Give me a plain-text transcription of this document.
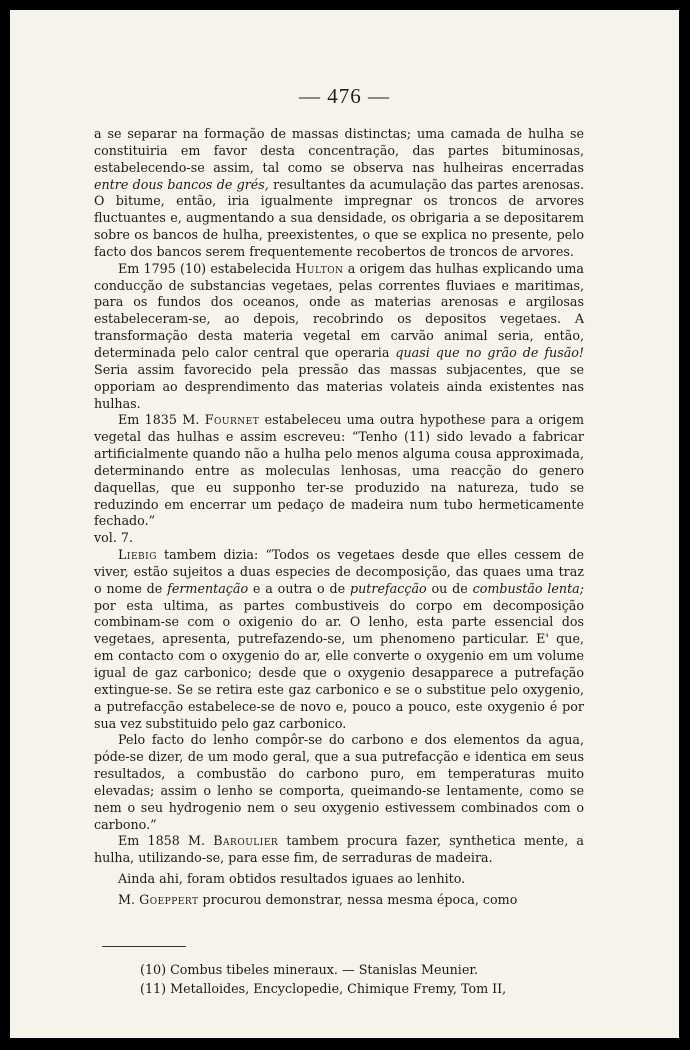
— 476 —

a se separar na formação de massas distinctas; uma camada de hulha se constituiria em favor desta concentração, das partes bituminosas, estabelecendo-se assim, tal como se observa nas hulheiras encerradas entre dous bancos de grés, resultantes da acumulação das partes arenosas. O bitume, então, iria igualmente impregnar os troncos de arvores fluctuantes e, augmentando a sua densidade, os obrigaria a se depositarem sobre os bancos de hulha, preexistentes, o que se explica no presente, pelo facto dos bancos serem frequentemente recobertos de troncos de arvores.

Em 1795 (10) estabelecida Hulton a origem das hulhas explicando uma conducção de substancias vegetaes, pelas correntes fluviaes e maritimas, para os fundos dos oceanos, onde as materias arenosas e argilosas estabeleceram-se, ao depois, recobrindo os depositos vegetaes. A transformação desta materia vegetal em carvão animal seria, então, determinada pelo calor central que operaria quasi que no grão de fusão! Seria assim favorecido pela pressão das massas subjacentes, que se opporiam ao desprendimento das materias volateis ainda existentes nas hulhas.

Em 1835 M. Fournet estabeleceu uma outra hypothese para a origem vegetal das hulhas e assim escreveu: “Tenho (11) sido levado a fabricar artificialmente quando não a hulha pelo menos alguma cousa approximada, determinando entre as moleculas lenhosas, uma reacção do genero daquellas, que eu supponho ter-se produzido na natureza, tudo se reduzindo em encerrar um pedaço de madeira num tubo hermeticamente fechado.”

vol. 7.

Liebig tambem dizia: “Todos os vegetaes desde que elles cessem de viver, estão sujeitos a duas especies de decomposição, das quaes uma traz o nome de fermentação e a outra o de putrefacção ou de combustão lenta; por esta ultima, as partes combustiveis do corpo em decomposição combinam-se com o oxigenio do ar. O lenho, esta parte essencial dos vegetaes, apresenta, putrefazendo-se, um phenomeno particular. E' que, em contacto com o oxygenio do ar, elle converte o oxygenio em um volume igual de gaz carbonico; desde que o oxygenio desapparece a putrefação extingue-se. Se se retira este gaz carbonico e se o substitue pelo oxygenio, a putrefacção estabelece-se de novo e, pouco a pouco, este oxygenio é por sua vez substituido pelo gaz carbonico.

Pelo facto do lenho compôr-se do carbono e dos elementos da agua, póde-se dizer, de um modo geral, que a sua putrefacção e identica em seus resultados, a combustão do carbono puro, em temperaturas muito elevadas; assim o lenho se comporta, queimando-se lentamente, como se nem o seu hydrogenio nem o seu oxygenio estivessem combinados com o carbono.”

Em 1858 M. Baroulier tambem procura fazer, synthetica mente, a hulha, utilizando-se, para esse fim, de serraduras de madeira.

Ainda ahi, foram obtidos resultados iguaes ao lenhito.

M. Goeppert procurou demonstrar, nessa mesma época, como

(10) Combus tibeles mineraux. — Stanislas Meunier.

(11) Metalloides, Encyclopedie, Chimique Fremy, Tom II,
